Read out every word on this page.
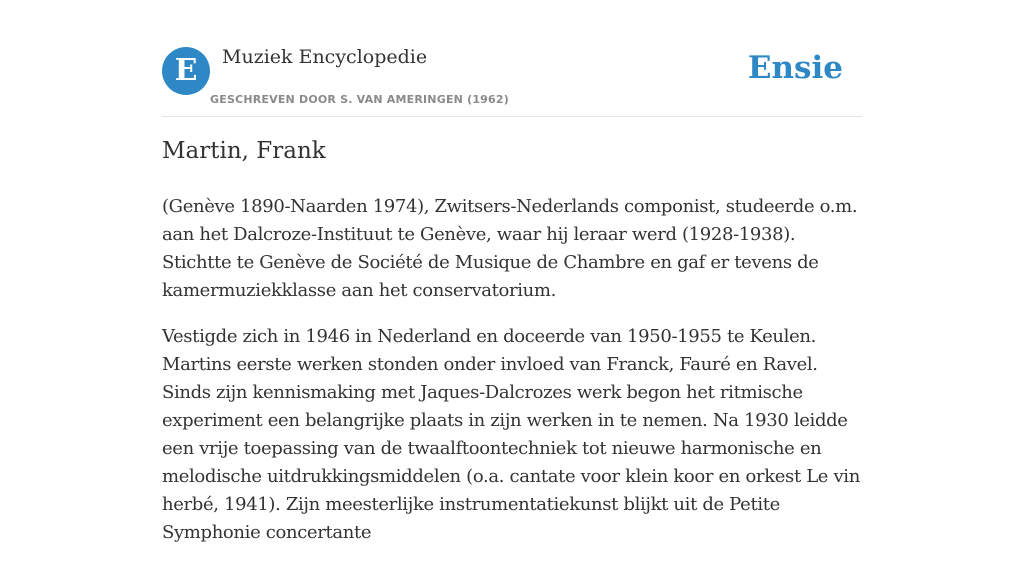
E	Muziek Encyclopedie
GESCHREVEN DOOR S. VAN AMERINGEN (1962)
Ensie
Martin, Frank

(Genève 1890-Naarden 1974), Zwitsers-Nederlands componist, studeerde o.m. aan het Dalcroze-Instituut te Genève, waar hij leraar werd (1928-1938). Stichtte te Genève de Société de Musique de Chambre en gaf er tevens de kamermuziekklasse aan het conservatorium.

Vestigde zich in 1946 in Nederland en doceerde van 1950-1955 te Keulen. Martins eerste werken stonden onder invloed van Franck, Fauré en Ravel. Sinds zijn kennismaking met Jaques-Dalcrozes werk begon het ritmische experiment een belangrijke plaats in zijn werken in te nemen. Na 1930 leidde een vrije toepassing van de twaalftoontechniek tot nieuwe harmonische en melodische uitdrukkingsmiddelen (o.a. cantate voor klein koor en orkest Le vin herbé, 1941). Zijn meesterlijke instrumentatiekunst blijkt uit de Petite Symphonie concertante
